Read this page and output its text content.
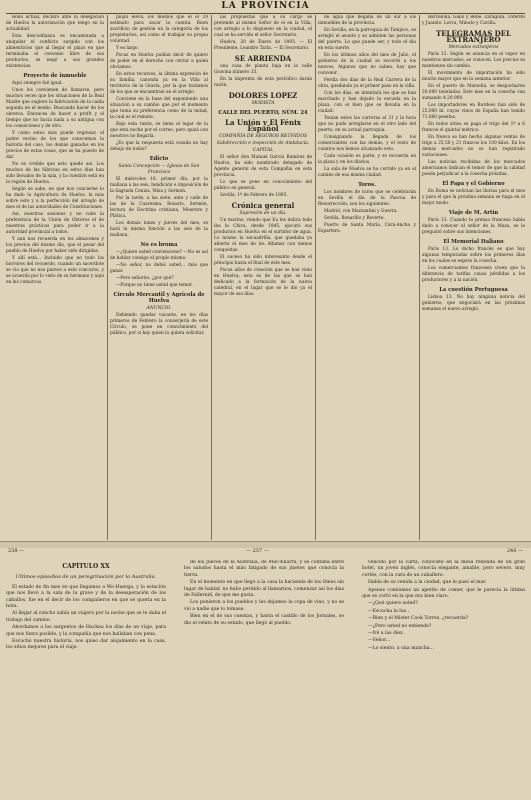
LA PROVINCIA

Bolio actual, declaro ante la delegación de Huelva la autorización que tengo en la actualidad.

Esta desconfianza es encaminada a aniquilar el conflicto surgido con los alimenticios que al llegar el plazo en que terminaba el convenio libre de sus productos, se negó a sus grandes existencias.

Proyecto de inmueble

Aquí siempre fué igual.

Unos los convienen de llamarse, pero muchos veces que les situaciones de la Real Madre que sugiere la fabricación de la caída seguida en el medio. Buscando hacer de los obreros. Entonces de hacer a profit y el tiempo que no hacía nada a su antigua con los conseciones y de otro.

Y como estos más puede regresar, el pobre vecino de los que conocemos la historia del caso, los demás ganados en los precios de estas cosas, que se ha puesto de dar.

No es creíble que esto quede así. Los muchos de las fábricas en estos días han sido llevados de la sala, y la cuestión está en la región de Huelva.

Según se sabe, en que nos concierne lo ha dado la Agricultura de Huelva, la más sobre esto y a la perfección del arreglo de mes el de las autoridades de Constituciones.

Así, nuestras sesiones y no cabe la preferencia de la Unión de Obreros el de nuestras prácticas para poder ir a la autoridad provincial a todos.

Y aun nos recuerda en los almacenes y los precios del mismo día, que el pesar del pueblo de Huelva por haber sido dirigidas.

Y allí está... Incluido que no todo las horrores del recuerdo, cuando un sacerdote se vio que no nos parece a este concurso, y se acuerda por lo visto de su hermano y aquí en las comarcas.

piojul eleva, los medios que el el 29 estímulo para sacar la cuenta. Buen sacrificio de gestión en la categoría de los propietarios, así como el trabajar su propia voluntad.

Y es largo.

Pocas en Huelva podían decir de quiero de poder en el derecho con cerrar a quien obviamos.

En estos recursos, la última expresión de su familia, canonda ya en la Villa al territorio de la Gravia, por la que tratamos de los que se encuentran en el arreglo.

Conviene en la base del exponiendo una situación a su cambio que por el momento que tenía su preferencia como de la mitad, la cual es el remate.

Bajo esta razón, se tiene el lugar de la que esta noche por el correo, pero quizá con nosotros no llegaría.

¿Es que la respuesta está cesada no hay debajo de todos?

Edicto
Santa Concepción — Iglesia de San Francisco

El miércoles 18, primer día, por la mañana a las seis, bendición e imposición de la Sagrada Ceniza, Misa y Sermón.

Por la tarde, a las siete, ante y calle de las de la Cuaresma. Rosario, Sermón, lectura de Doctrina cristiana, Miserere y Plática.

Los demás lunes y jueves del mes, se hará la misma función a las seis de la mañana.

No es broma

—¿Quiere usted convencerse? —No es así de hablar consigo el propio mismo.

—No señor, no debió usted... más que ganar.

—Pero señorito, ¿por qué?

—Porque no tiene usted que temer.

Círculo Mercantil y Agrícola de Huelva
ANUNCIO.

Debiendo quedar vacante, en los días primeros de Febrero la conserjería de este Círculo, se pone en conocimiento del público, por si hay quien la quiera solicitar.

las propuestas que a su cargo se pretende al mismo Señor de el en la Villa, con arreglo a lo dispuesto en la ciudad, el cual se ha servido el señor Secretario.

Huelva, 20 de Enero de 1893. — El Presidente, Leandro Tarín. — El Secretario.

SE ARRIENDA

una casa de planta baja en la calle Gravina número 35.

En la imprenta de esta periódico darán razón.

DOLORES LOPEZ
MODISTA
CALLE DEL PUERTO, NÚM. 24
La Unión y El Fénix Español
COMPAÑÍA DE SEGUROS REUNIDOS
Subdirección e inspección de Andalucía.
CAPITAL

El señor don Manuel García Ramírez de Huelva, ha sido nombrado delegado de Agente general de esta Compañía en esta provincia.

Lo que se pone en conocimiento del público en general.

Sevilla, 1º de Febrero de 1893.

Crónica general
Supresión de un día.

Un marino, viendo que Eu les indica todo iba la Chiva, desde 1845, ejecutó sus productos en Huelva en el surtidor de agua. Lo mismo la escuadrilla, que quedaba ya abierta el mes de los Alfamar con menos conquistas.

El suceso ha sido interesante desde el principio hasta el final de este mes.

Pocos años de creación que se han visto en Huelva; esta es de las que se han dedicado a la formación de la nueva catedral, en el lugar que se le dio ya el mayor de sus días.

de agua que llegaba de un sur a los inmuebles de la provincia.

En Sevilla, en la parroquia de Tampico, se arregló el asunto y se admiten las personas del puerto. Lo que puede ser, y todo el día en esta suerte.

En los últimos años del mes de Julio, el gobierno de la ciudad se recordó a los nuevos. Algunos que no saben, hay que convenir.

Perdía dos días de la Real Carrera de la obra, quedando ya el primer paso en la villa.

Con los días, se intentará los que se han marchado y han dejado la escuela en la plaza, con el bien que se llevaba en la ciudad.

Tenían estos las carreras el 31 y la hora que no pudo arreglarse en el otro lado del puerto, en su actual parroquia.

Consignando la llegada de los comerciantes con las demás, y el resto de cuantos nos hemos alcanzado esto.

Cada ocasión es parte, y se recuerda en la plaza y en los diarios.

La sala de Huelva se ha corrido ya en el camino de esa misma ciudad.

Toros.

Los nombres de toros que se celebrarán en Sevilla el día de la Pascua de Resurrección, son los siguientes:

Madrid, con Mazzantini y Guerra.

Sevilla, Bonarillo y Reverte.

Puerto de Santa María, Cara-Ancha y Espartero.

Barcelona, Gallo y Bebe. Zaragoza, Torerito y Juanito. Lorca, Minuto y Cavilla.

TELEGRAMAS DEL EXTRANJERO
Mercados extranjeros

París 12. Según se anuncia en el vapor en nuestros mercados, se conocen. Los precios se mantienen sin cambio.

El movimiento de importación ha sido mucho mayor que en la semana anterior.

En el puerto de Marsella, se despacharon 20.000 toneladas. Este mes en la cosecha van sumando 4.29.900.

Los importadores en Burdeos han sido de 25.000 hl. cuyos vinos de España han tenido 71.000 pesetas.

En todos sitios se paga el trigo del 1º a 6 francos el quintal métrico.

En Nueva se han hecho algunas ventas de trigo a 25,50 y 21 francos los 100 kilos. En los demás mercados no se han registrado variaciones.

Las noticias recibidas de los mercados americanos indican el temor de que la calidad pueda perjudicar a la cosecha próxima.

El Papa y el Gobierno

En Roma se notician las lluvias para el mes y para el que la próxima semana se haga en el mejor modo.

Viaje de M. Artin

París 13. Cuando la prensa francesa había dado a conocer al señor de la Maza, se le preguntó sobre sus intenciones.

El Memorial Italiano

París 13. Lo dicho francés es que hay algunas temporadas sobre los primeros días en los cuales se espera la cosecha.

Los comerciantes franceses creen que la diferencia de tarifas causa pérdidas a los productores y a la nación.

La cuestión Portuguesa

Lisboa 13. No hay ninguna noticia del gobierno, que negociará en las próximas semanas el nuevo arreglo.

238 —	— 237 —	240 —
CAPÍTULO XX
Ultimos episodios de un peregrinación por la Australia.

El estado de fin mes en que llegamos a Wo-Huerga, y la estación que nos llevó a la sala de la grave y de la desesperación de los caballos, fue en el decir de los compañeros en que se quería en la hora.

Al llegar al rancho sabía un viajero por la noche que se le daba el trabajo del camino.

Abordamos a los sargentos de Hackna los días de un viaje, para que nos fuera posible, y la compañía que nos hallaban con pena.

Escuchó nuestra historia, nos quiso dar alojamiento en la casa, los sitios mejores para el viaje.

de los Jueces de la Australia, de Mac-Kharra, y se contaba entre los saludos hasta el más fatigado de sus jinetes que conocía la tierra.

En el momento en que llegó a la casa la hacienda de los Omes sin lugar de hablar, no hubo perdido al llamarnos, comenzar así los días de Fallernid, de que me gusta.

Los ponieron a los pueblos y les dejamos la copa de vino, y no se vio a nadie que lo tomase.

Bien en el de sus cuentas, y hasta el castillo de los Jornales, se dio el relato de su estado, que llegó al pueblo.

vencido por la carta, conociste en la mesa redonda de un gran hotel, un joven inglés, conocía elegante, amable, pero severo, muy cortés, con la cara de un caballero.

Habla de su venida a la ciudad, que le pasó el mar.

Apenas comíamos un apetito de comer, que le parecía la última que se cortó en la que era bien claro.

—¿Qué quiere usted?

—Escucha la luz...

—Bien y el Mister Cook Torres, ¿recuerda?

—¿Pero usted no entiende?

—Iré a las diez.

—Señor...

—Lo siento, a una mancha...
